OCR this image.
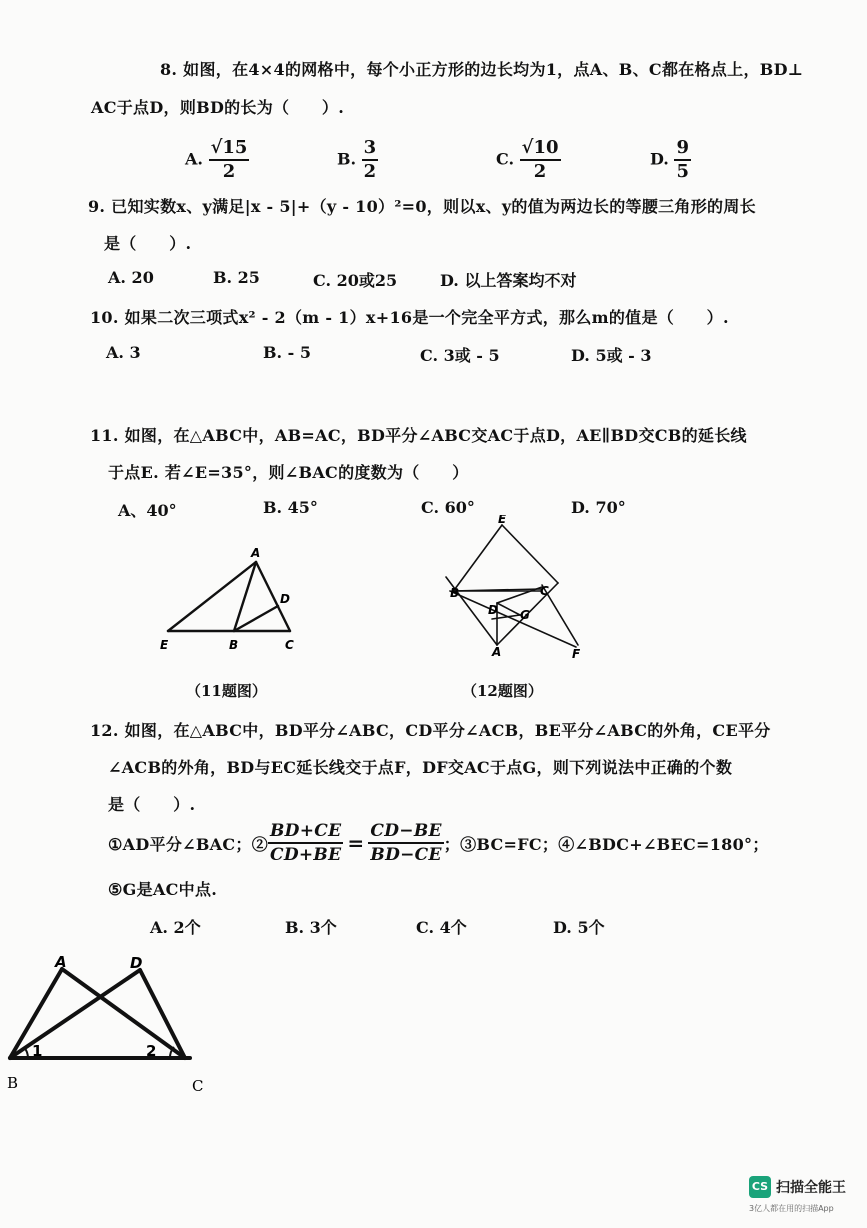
8. 如图，在4×4的网格中，每个小正方形的边长均为1，点A、B、C都在格点上，BD⊥
AC于点D，则BD的长为（　　）.
A. $\frac{√15}{2}$	B. $\frac{3}{2}$	C. $\frac{√10}{2}$	D. $\frac{9}{5}$
9. 已知实数x、y满足|x - 5|+（y - 10）²=0，则以x、y的值为两边长的等腰三角形的周长
是（　　）.
A. 20	B. 25	C. 20或25	D. 以上答案均不对
10. 如果二次三项式x² - 2（m - 1）x+16是一个完全平方式，那么m的值是（　　）.
A. 3	B. - 5	C. 3或 - 5	D. 5或 - 3
11. 如图，在△ABC中，AB=AC，BD平分∠ABC交AC于点D，AE∥BD交CB的延长线
于点E. 若∠E=35°，则∠BAC的度数为（　　）
A、40°	B. 45°	C. 60°	D. 70°
A
D
E	B	C
（11题图）
E
B	C
D G
A	F
（12题图）
12. 如图，在△ABC中，BD平分∠ABC，CD平分∠ACB，BE平分∠ABC的外角，CE平分
∠ACB的外角，BD与EC延长线交于点F，DF交AC于点G，则下列说法中正确的个数
是（　　）.
①AD平分∠BAC；② $\frac{BD+CE}{CD+BE} = \frac{CD-BE}{BD-CE}$ ；③BC=FC；④∠BDC+∠BEC=180°；
⑤G是AC中点.
A. 2个	B. 3个	C. 4个	D. 5个
A	D
1	2
B	C
CS 扫描全能王
3亿人都在用的扫描App
